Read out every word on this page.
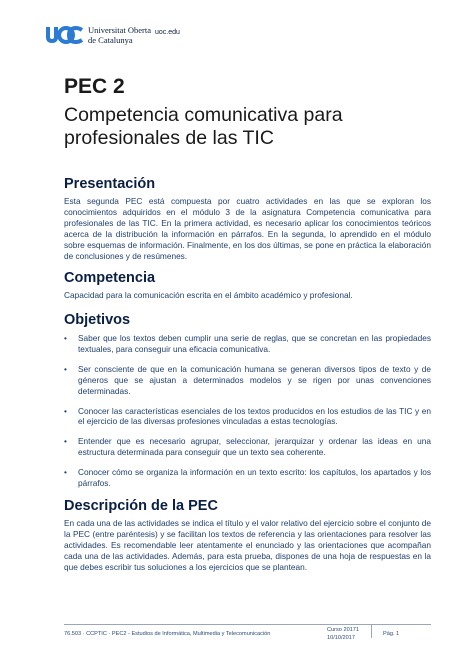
Universitat Oberta
de Catalunya
uoc.edu
PEC 2
Competencia comunicativa para profesionales de las TIC
Presentación

Esta segunda PEC está compuesta por cuatro actividades en las que se exploran los conocimientos adquiridos en el módulo 3 de la asignatura Competencia comunicativa para profesionales de las TIC. En la primera actividad, es necesario aplicar los conocimientos teóricos acerca de la distribución la información en párrafos. En la segunda, lo aprendido en el módulo sobre esquemas de información. Finalmente, en los dos últimas, se pone en práctica la elaboración de conclusiones y de resúmenes.

Competencia

Capacidad para la comunicación escrita en el ámbito académico y profesional.

Objetivos
• Saber que los textos deben cumplir una serie de reglas, que se concretan en las propiedades textuales, para conseguir una eficacia comunicativa.
• Ser consciente de que en la comunicación humana se generan diversos tipos de texto y de géneros que se ajustan a determinados modelos y se rigen por unas convenciones determinadas.
• Conocer las características esenciales de los textos producidos en los estudios de las TIC y en el ejercicio de las diversas profesiones vinculadas a estas tecnologías.
• Entender que es necesario agrupar, seleccionar, jerarquizar y ordenar las ideas en una estructura determinada para conseguir que un texto sea coherente.
• Conocer cómo se organiza la información en un texto escrito: los capítulos, los apartados y los párrafos.
Descripción de la PEC

En cada una de las actividades se indica el título y el valor relativo del ejercicio sobre el conjunto de la PEC (entre paréntesis) y se facilitan los textos de referencia y las orientaciones para resolver las actividades. Es recomendable leer atentamente el enunciado y las orientaciones que acompañan cada una de las actividades. Además, para esta prueba, dispones de una hoja de respuestas en la que debes escribir tus soluciones a los ejercicios que se plantean.

76.503 · CCPTIC · PEC2 - Estudios de Informática, Multimedia y Telecomunicación
Curso 20171
10/10/2017
Pág. 1
